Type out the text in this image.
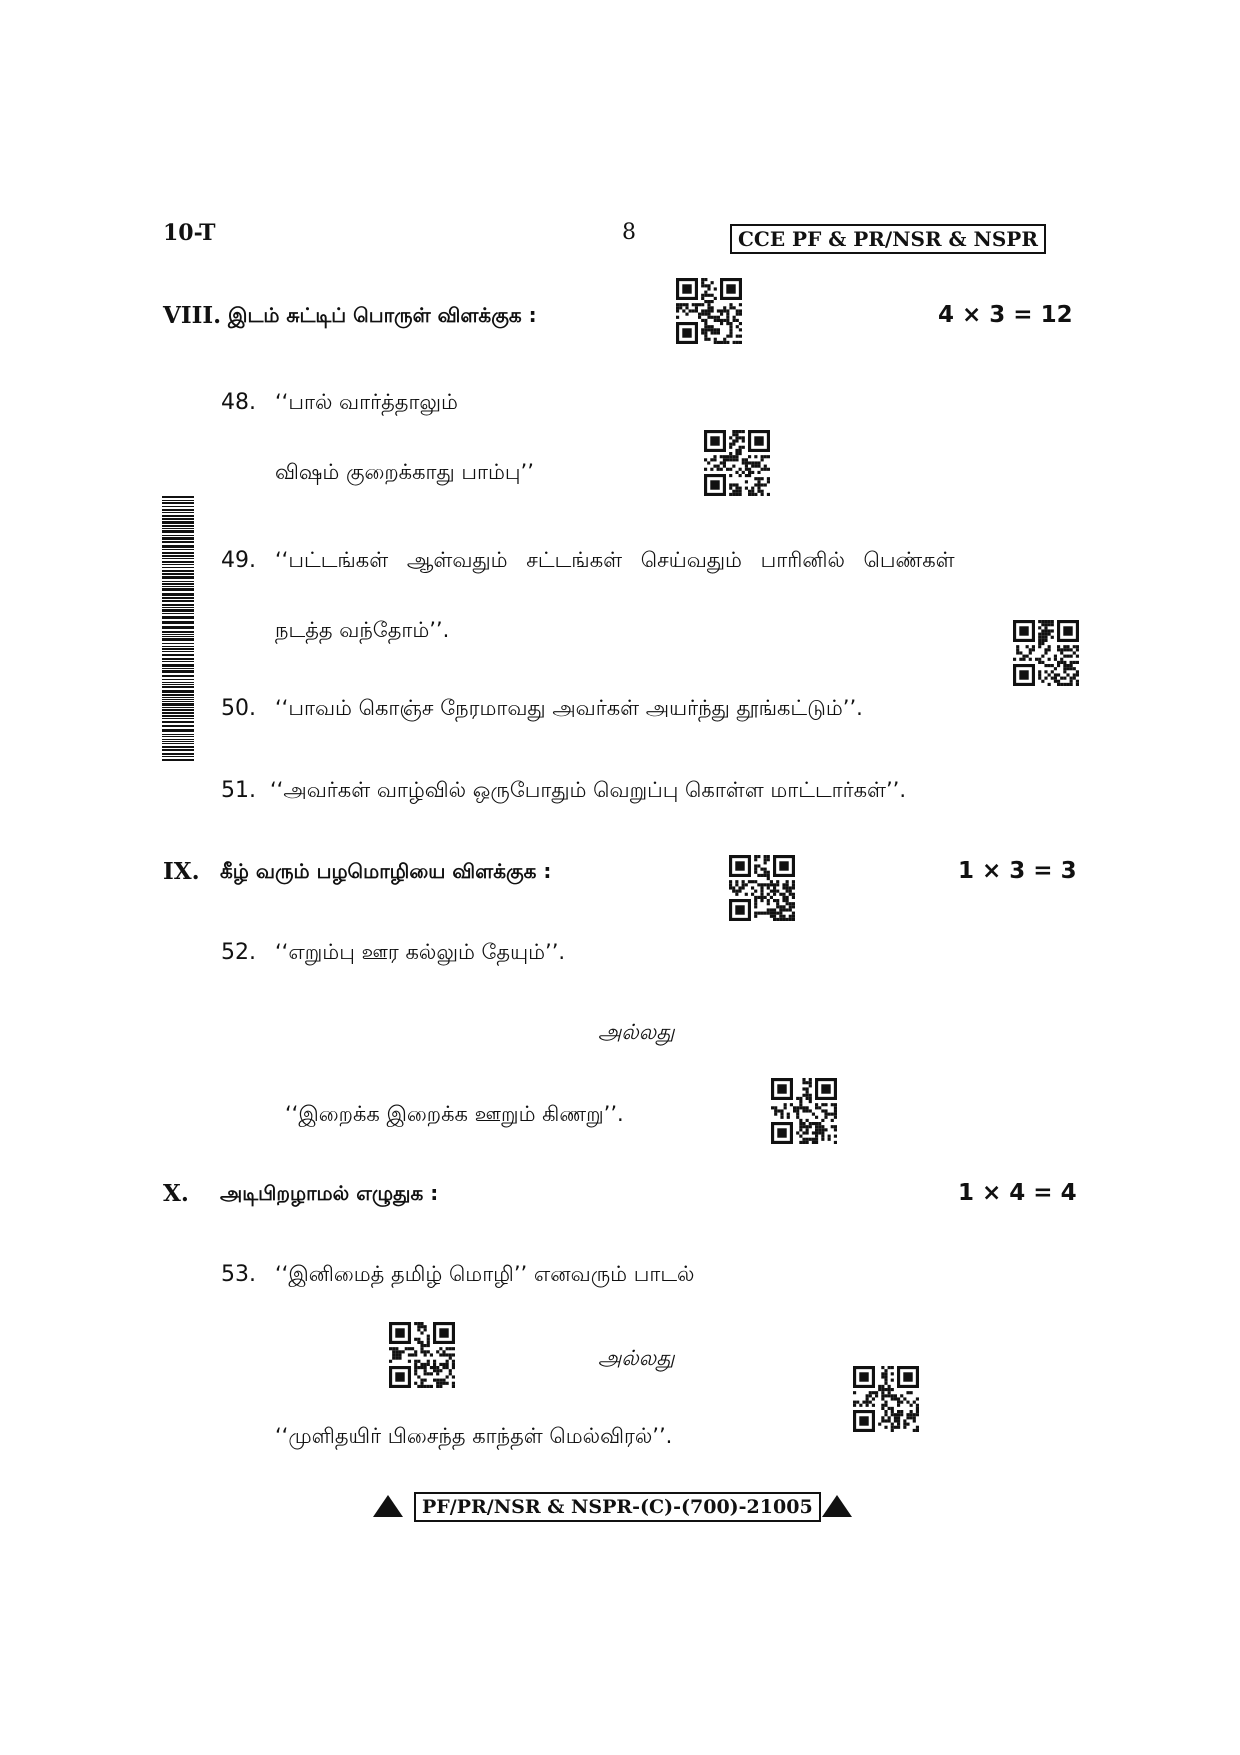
10-T	8	CCE PF & PR/NSR & NSPR
VIII. இடம் சுட்டிப் பொருள் விளக்குக :	4 × 3 = 12
48. ‘‘பால் வார்த்தாலும்
விஷம் குறைக்காது பாம்பு’’
49. ‘‘பட்டங்கள் ஆள்வதும் சட்டங்கள் செய்வதும் பாரினில் பெண்கள்
நடத்த வந்தோம்’’.
50. ‘‘பாவம் கொஞ்ச நேரமாவது அவர்கள் அயர்ந்து தூங்கட்டும்’’.
51. ‘‘அவர்கள் வாழ்வில் ஒருபோதும் வெறுப்பு கொள்ள மாட்டார்கள்’’.
IX. கீழ் வரும் பழமொழியை விளக்குக :	1 × 3 = 3
52. ‘‘எறும்பு ஊர கல்லும் தேயும்’’.
அல்லது
‘‘இறைக்க இறைக்க ஊறும் கிணறு’’.
X. அடிபிறழாமல் எழுதுக :	1 × 4 = 4
53. ‘‘இனிமைத் தமிழ் மொழி’’ எனவரும் பாடல்
அல்லது
‘‘முளிதயிர் பிசைந்த காந்தள் மெல்விரல்’’.
PF/PR/NSR & NSPR-(C)-(700)-21005
